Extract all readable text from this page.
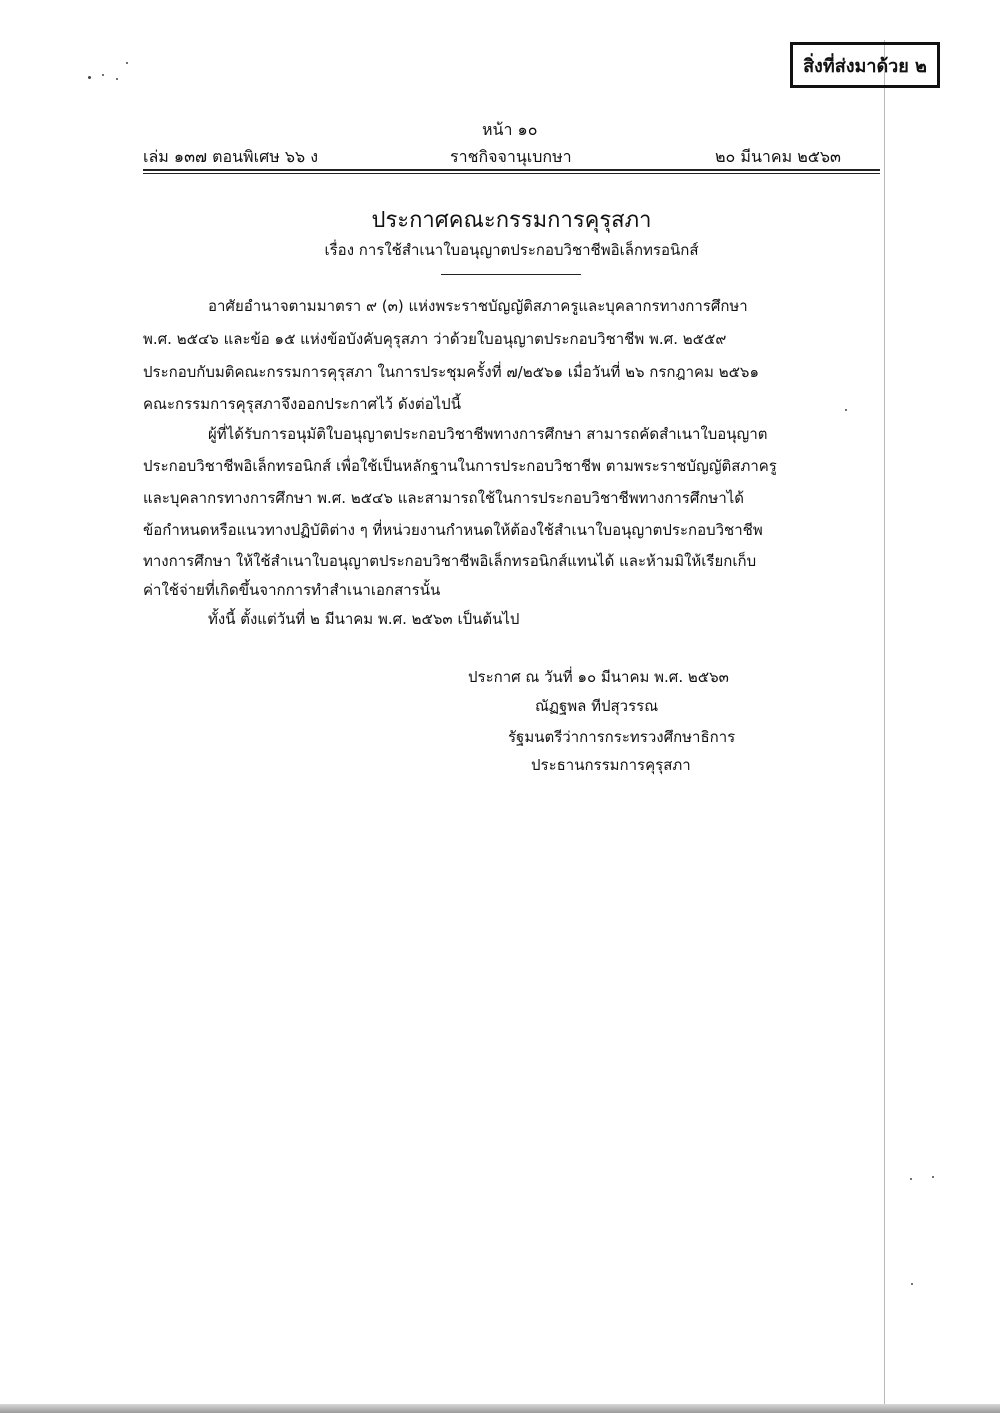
สิ่งที่ส่งมาด้วย ๒
หน้า ๑๐
เล่ม ๑๓๗ ตอนพิเศษ ๖๖ ง	ราชกิจจานุเบกษา	๒๐ มีนาคม ๒๕๖๓
ประกาศคณะกรรมการคุรุสภา
เรื่อง การใช้สำเนาใบอนุญาตประกอบวิชาชีพอิเล็กทรอนิกส์
อาศัยอำนาจตามมาตรา ๙ (๓) แห่งพระราชบัญญัติสภาครูและบุคลากรทางการศึกษา
พ.ศ. ๒๕๔๖ และข้อ ๑๕ แห่งข้อบังคับคุรุสภา ว่าด้วยใบอนุญาตประกอบวิชาชีพ พ.ศ. ๒๕๕๙
ประกอบกับมติคณะกรรมการคุรุสภา ในการประชุมครั้งที่ ๗/๒๕๖๑ เมื่อวันที่ ๒๖ กรกฎาคม ๒๕๖๑
คณะกรรมการคุรุสภาจึงออกประกาศไว้ ดังต่อไปนี้
ผู้ที่ได้รับการอนุมัติใบอนุญาตประกอบวิชาชีพทางการศึกษา สามารถคัดสำเนาใบอนุญาต
ประกอบวิชาชีพอิเล็กทรอนิกส์ เพื่อใช้เป็นหลักฐานในการประกอบวิชาชีพ ตามพระราชบัญญัติสภาครู
และบุคลากรทางการศึกษา พ.ศ. ๒๕๔๖ และสามารถใช้ในการประกอบวิชาชีพทางการศึกษาได้
ข้อกำหนดหรือแนวทางปฏิบัติต่าง ๆ ที่หน่วยงานกำหนดให้ต้องใช้สำเนาใบอนุญาตประกอบวิชาชีพ
ทางการศึกษา ให้ใช้สำเนาใบอนุญาตประกอบวิชาชีพอิเล็กทรอนิกส์แทนได้ และห้ามมิให้เรียกเก็บ
ค่าใช้จ่ายที่เกิดขึ้นจากการทำสำเนาเอกสารนั้น
ทั้งนี้ ตั้งแต่วันที่ ๒ มีนาคม พ.ศ. ๒๕๖๓ เป็นต้นไป
ประกาศ ณ วันที่ ๑๐ มีนาคม พ.ศ. ๒๕๖๓
ณัฏฐพล ทีปสุวรรณ
รัฐมนตรีว่าการกระทรวงศึกษาธิการ
ประธานกรรมการคุรุสภา
